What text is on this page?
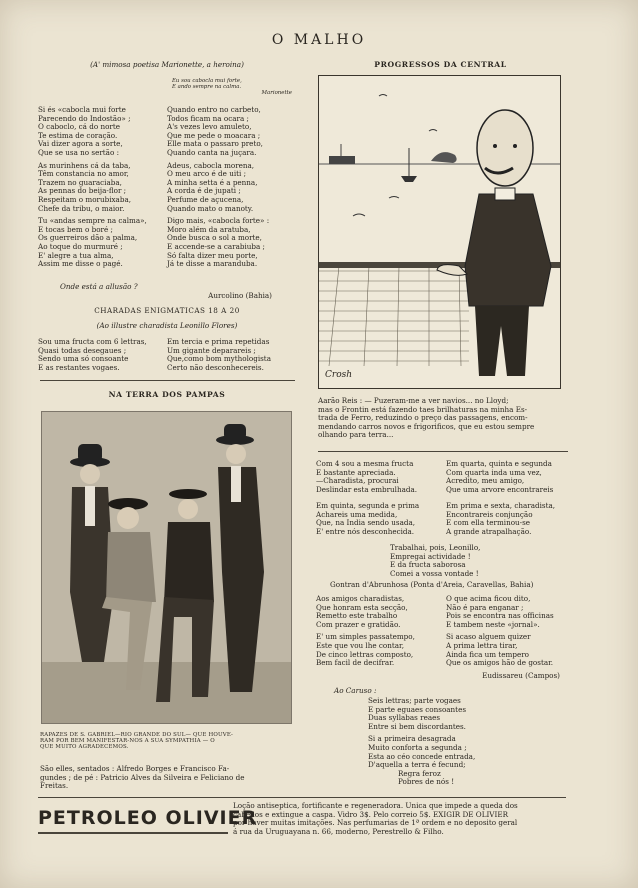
O MALHO
(A' mimosa poetisa Marionette, a heroina)
Eu sou cabocla mui forte,
E ando sempre na calma.
Marionette
Si és «cabocla mui forte
Parecendo do Indostão» ;
O caboclo, cá do norte
Te estima de coração.
Vai dizer agora a sorte,
Que se usa no sertão :

As murinhens cá da taba,
Têm constancia no amor,
Trazem no guaraciaba,
As pennas do beija-flor ;
Respeitam o morubixaba,
Chefe da tribu, o maior.

Tu «andas sempre na calma»,
E tocas bem o boré ;
Os guerreiros dão a palma,
Ao toque do murmuré ;
E' alegre a tua alma,
Assim me disse o pagé.
Quando entro no carbeto,
Todos ficam na ocara ;
A's vezes levo amuleto,
Que me pede o moacara ;
Elle mata o passaro preto,
Quando canta na juçara.

Adeus, cabocla morena,
O meu arco é de uiti ;
A minha setta é a penna,
A corda é de jupati ;
Perfume de açucena,
Quando mato o manoty.

Digo mais, «cabocla forte» :
Moro além da aratuba,
Onde busca o sol a morte,
E accende-se a carabiuba ;
Só falta dizer meu porte,
Já te disse a maranduba.
Onde está a allusão ?
Aurcolino (Bahia)
CHARADAS ENIGMATICAS 18 A 20
(Ao illustre charadista Leonillo Flores)
Sou uma fructa com 6 lettras,
Quasi todas desegaues ;
Sendo uma só consoante
E as restantes vogaes.
Em tercia e prima repetidas
Um gigante deparareis ;
Que,como bom mythologista
Certo não desconhecereis.
NA TERRA DOS PAMPAS
RAPAZES DE S. GABRIEL—RIO GRANDE DO SUL— QUE HOUVE-
RAM POR BEM MANIFESTAR-NOS A SUA SYMPATHIA — O
QUE MUITO AGRADECEMOS.
São elles, sentados : Alfredo Borges e Francisco Fa-
gundes ; de pé : Patricio Alves da Silveira e Feliciano de
Freitas.
PROGRESSOS DA CENTRAL
Crosh
Aarão Reis : — Puzeram-me a ver navios... no Lloyd;
mas o Frontin está fazendo taes brilhaturas na minha Es-
trada de Ferro, reduzindo o preço das passagens, encom-
mendando carros novos e frigorificos, que eu estou sempre
olhando para terra...
Com 4 sou a mesma fructa
E bastante apreciada.
—Charadista, procurai
Deslindar esta embrulhada.
Em quarta, quinta e segunda
Com quarta inda uma vez,
Acredito, meu amigo,
Que uma arvore encontrareis
Em quinta, segunda e prima
Achareis uma medida,
Que, na India sendo usada,
E' entre nós desconhecida.
Em prima e sexta, charadista,
Encontrareis conjunção
E com ella terminou-se
A grande atrapalhação.
Trabalhai, pois, Leonillo,
Empregai actividade !
E da fructa saborosa
Comei a vossa vontade !
Gontran d'Abrunhosa (Ponta d'Areia, Caravellas, Bahia)
Aos amigos charadistas,
Que honram esta secção,
Remetto este trabalho
Com prazer e gratidão.

E' um simples passatempo,
Este que vou lhe contar,
De cinco lettras composto,
Bem facil de decifrar.
O que acima ficou dito,
Não é para enganar ;
Pois se encontra nas officinas
E tambem neste «jornal».

Si acaso alguem quizer
A prima lettra tirar,
Ainda fica um tempero
Que os amigos hão de gostar.
Eudissareu (Campos)
Ao Caruso :
Seis lettras; parte vogaes
E parte eguaes consoantes
Duas syllabas reaes
Entre si bem discordantes.

Si a primeira desagrada
Muito conforta a segunda ;
Esta ao céo concede entrada,
D'aquella a terra é fecund;
Regra feroz
Pobres de nós !
PETROLEO OLIVIER
Loção antiseptica, fortificante e regeneradora. Unica que impede a queda dos
cabellos e extingue a caspa. Vidro 3$. Pelo correio 5$. EXIGIR DE OLIVIER
por haver muitas imitações. Nas perfumarias de 1ª ordem e no deposito geral
á rua da Uruguayana n. 66, moderno, Perestrello & Filho.
